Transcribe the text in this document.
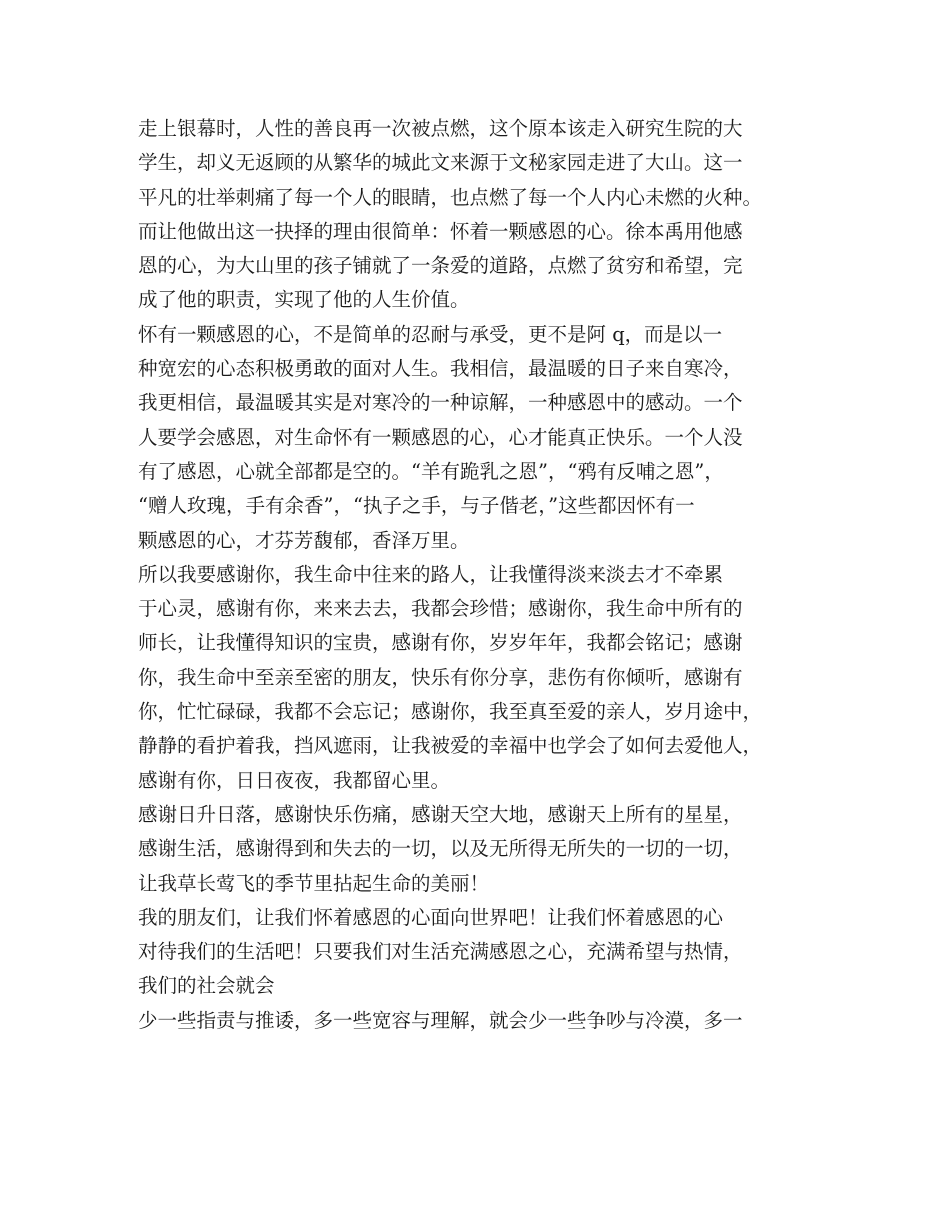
走上银幕时，人性的善良再一次被点燃，这个原本该走入研究生院的大
学生，却义无返顾的从繁华的城此文来源于文秘家园走进了大山。这一
平凡的壮举刺痛了每一个人的眼睛，也点燃了每一个人内心未燃的火种。
而让他做出这一抉择的理由很简单：怀着一颗感恩的心。徐本禹用他感
恩的心，为大山里的孩子铺就了一条爱的道路，点燃了贫穷和希望，完
成了他的职责，实现了他的人生价值。
怀有一颗感恩的心，不是简单的忍耐与承受，更不是阿 q，而是以一
种宽宏的心态积极勇敢的面对人生。我相信，最温暖的日子来自寒冷，
我更相信，最温暖其实是对寒冷的一种谅解，一种感恩中的感动。一个
人要学会感恩，对生命怀有一颗感恩的心，心才能真正快乐。一个人没
有了感恩，心就全部都是空的。“羊有跪乳之恩”，“鸦有反哺之恩”，
“赠人玫瑰，手有余香”，“执子之手，与子偕老，”这些都因怀有一
颗感恩的心，才芬芳馥郁，香泽万里。
所以我要感谢你，我生命中往来的路人，让我懂得淡来淡去才不牵累
于心灵，感谢有你，来来去去，我都会珍惜；感谢你，我生命中所有的
师长，让我懂得知识的宝贵，感谢有你，岁岁年年，我都会铭记；感谢
你，我生命中至亲至密的朋友，快乐有你分享，悲伤有你倾听，感谢有
你，忙忙碌碌，我都不会忘记；感谢你，我至真至爱的亲人，岁月途中，
静静的看护着我，挡风遮雨，让我被爱的幸福中也学会了如何去爱他人，
感谢有你，日日夜夜，我都留心里。
感谢日升日落，感谢快乐伤痛，感谢天空大地，感谢天上所有的星星，
感谢生活，感谢得到和失去的一切，以及无所得无所失的一切的一切，
让我草长莺飞的季节里拈起生命的美丽！
我的朋友们，让我们怀着感恩的心面向世界吧！让我们怀着感恩的心
对待我们的生活吧！只要我们对生活充满感恩之心，充满希望与热情，
我们的社会就会
少一些指责与推诿，多一些宽容与理解，就会少一些争吵与冷漠，多一
